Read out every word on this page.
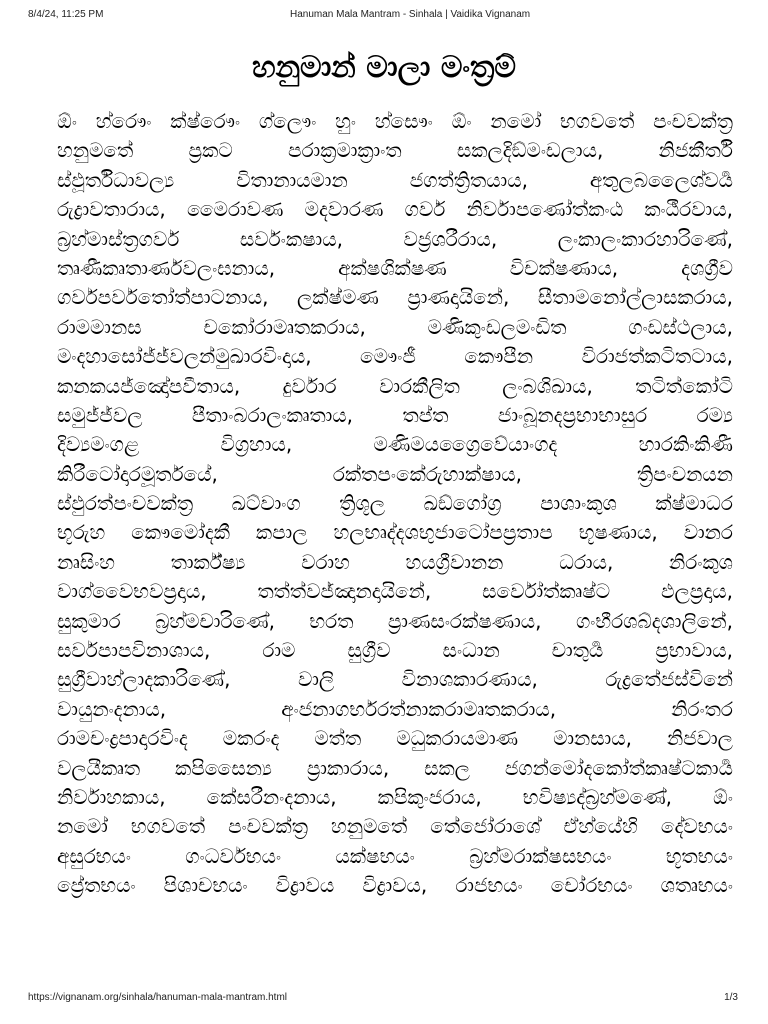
8/4/24, 11:25 PM	Hanuman Mala Mantram - Sinhala | Vaidika Vignanam
හනුමාන් මාලා මංත්‍රම්
ඕං හ්රෞං ක්ෂ්රෞං ග්ලෞං හුං හ්සෞං ඕං නමෝ භගවතේ පංචවක්ත්‍ර
හනුමතේ	ප්‍රකට	පරාක්‍රමාක්‍රාංත	සකලදිඞ්මංඩලාය,	නිජකීර්ති
ස්ඵූර්තිධාවල්‍ය	විතානායමාන	ජගත්ත්‍රිතයාය,	අතුලබලෛශ්වර්‍ය
රුද්‍රාවතාරාය, මෛරාවණ මදවාරණ ගර්ව නිර්වාපණෝත්කංඨ කංඨීරවාය,
බ්‍රහ්මාස්ත්‍රගර්ව	සර්වංකෂාය,	වජ්‍රශරීරාය,	ලංකාලංකාරහාරිණේ,
තෘණීකෘතාර්ණවලංඝනාය,	අක්ෂශික්ෂණ	විචක්ෂණාය,	දශග්‍රීව
ගර්වපර්වතෝත්පාටනාය, ලක්ෂ්මණ ප්‍රාණදායිනේ, සීතාමනෝල්ලාසකරාය,
රාමමානස	චකෝරාමෘතකරාය,	මණිකුංඩලමංඩිත	ගංඩස්ථලාය,
මංදහාසෝජ්ජ්වලන්මුඛාරවිංදාය, මෞංජී කෞපීන විරාජත්කටිතටාය,
කනකයජ්ඤෝපවීතාය, දුර්වාර වාරකීලිත ලංබශිඛාය, තටිත්කෝටි
සමුජ්ජ්වල පීතාංබරාලංකෘතාය, තප්ත ජාංබූනදප්‍රභාභාසුර රම්‍ය
දිව්‍යමංගළ	විග්‍රහාය,	මණිමයග්‍රෛවේයාංගද	හාරකිංකිණී
කිරීටෝදාරමූර්තයේ,	රක්තපංකේරුහාක්ෂාය,	ත්‍රිපංචනයන
ස්ඵුරත්පංචවක්ත්‍ර ඛට්වාංග ත්‍රිශූල ඛඞ්ගෝග්‍ර පාශාංකුශ ක්ෂ්මාධර
භූරුහ කෞමෝදකී කපාල හලභෘද්දශභුජාටෝපප්‍රතාප භූෂණාය, වානර
නෘසිංහ	තාර්ක්ෂ්‍ය	වරාහ	හයග්‍රීවානන	ධරාය,	නිරංකුශ
වාග්වෛභවප්‍රදාය,	තත්ත්වජ්ඤානදායිනේ,	සර්වෝත්කෘෂ්ට	ඵලප්‍රදාය,
සුකුමාර බ්‍රහ්මචාරිණේ, භරත ප්‍රාණසංරක්ෂණාය, ගංභීරශබ්දශාලිනේ,
සර්වපාපවිනාශාය,	රාම	සුග්‍රීව	සංධාන	චාතුර්‍ය	ප්‍රභාවාය,
සුග්‍රීවාහ්ලාදකාරිණේ,	වාලි	විනාශකාරණාය,	රුද්‍රතේජස්විනේ
වායුනංදනාය,	අංජනාගර්භරත්නාකරාමෘතකරාය,	නිරංතර
රාමචංද්‍රපාදාරවිංද මකරංද මත්ත මධුකරායමාණ මානසාය, නිජවාල
වලයීකෘත කපිසෛන්‍ය ප්‍රාකාරාය, සකල ජගන්මෝදකෝත්කෘෂ්ටකාර්‍ය
නිර්වාහකාය, කේසරීනංදනාය, කපිකුංජරාය, භවිෂ්‍යද්බ්‍රහ්මණේ, ඕං
නමෝ භගවතේ පංචවක්ත්‍ර හනුමතේ තේජෝරාශේ ඒහ්යේහි දේවභයං
අසුරභයං	ගංධර්වභයං	යක්ෂභයං	බ්‍රහ්මරාක්ෂසභයං	භූතභයං
ප්‍රේතභයං පිශාචභයං විද්‍රාවය විද්‍රාවය, රාජභයං චෝරභයං ශත්‍රුභයං
https://vignanam.org/sinhala/hanuman-mala-mantram.html	1/3
